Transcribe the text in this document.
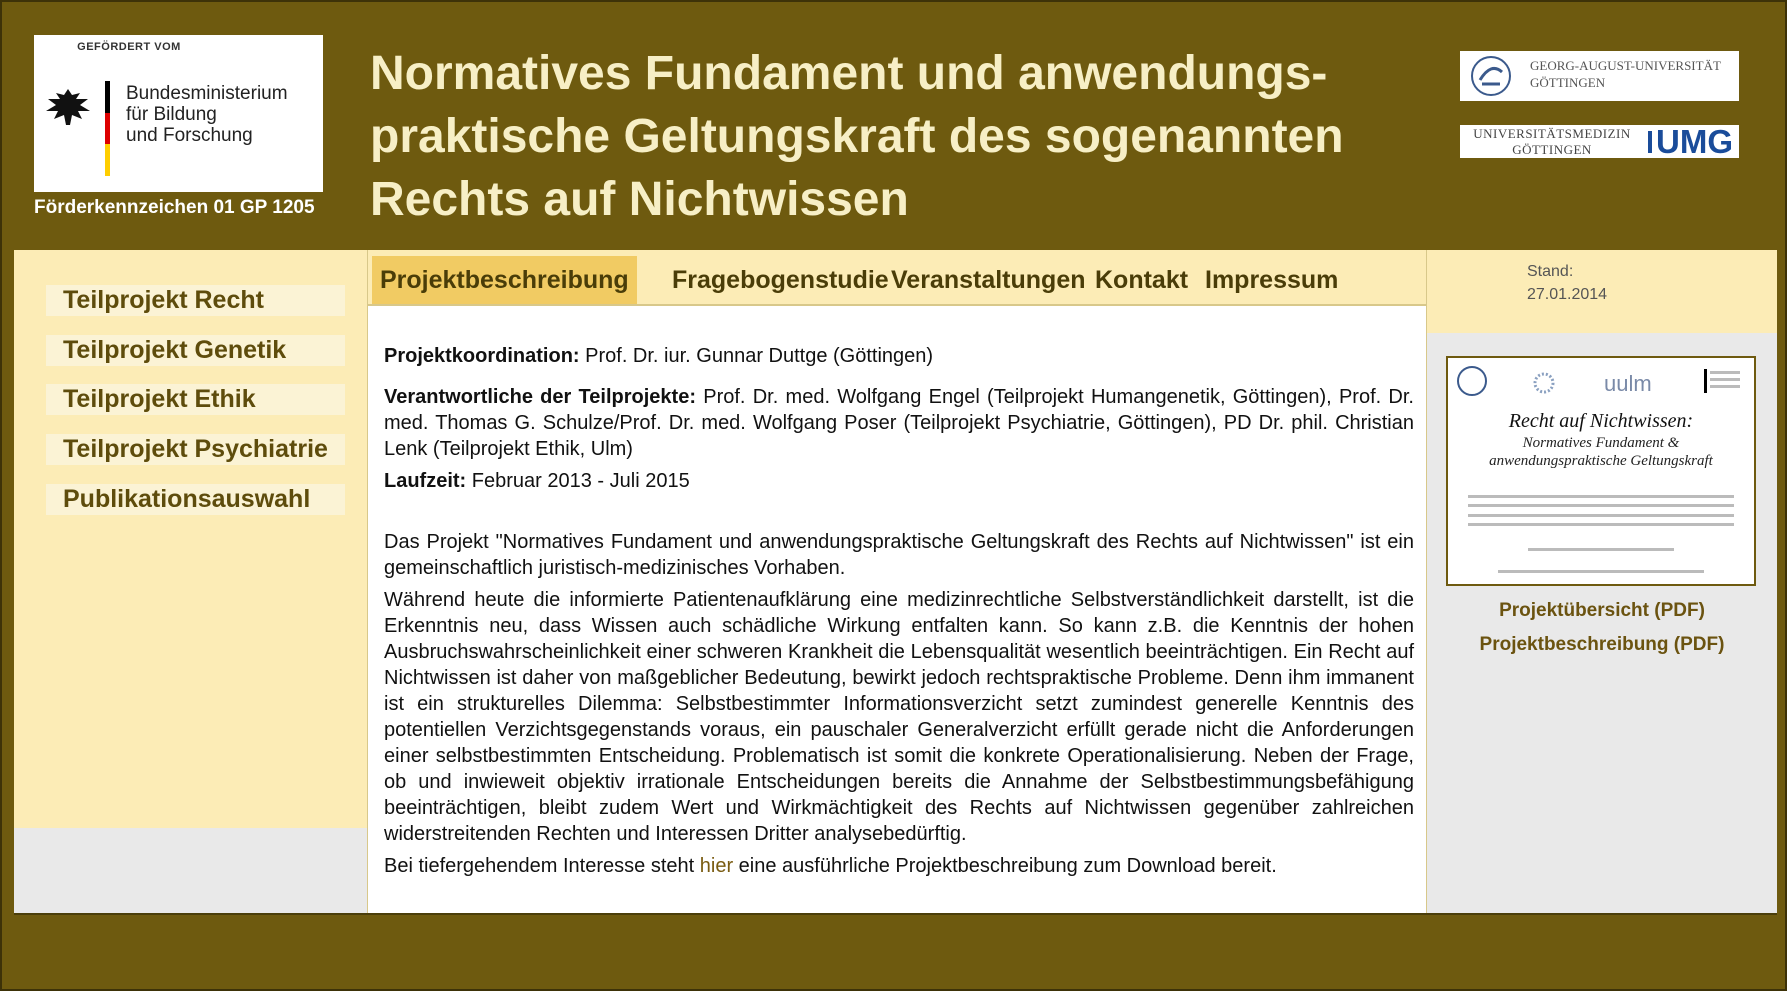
GEFÖRDERT VOM
Bundesministerium
für Bildung
und Forschung
Förderkennzeichen 01 GP 1205
Normatives Fundament und anwendungs-
praktische Geltungskraft des sogenannten
Rechts auf Nichtwissen
GEORG-AUGUST-UNIVERSITÄT
GÖTTINGEN
UNIVERSITÄTSMEDIZIN
GÖTTINGEN	UMG
Teilprojekt Recht
Teilprojekt Genetik
Teilprojekt Ethik
Teilprojekt Psychiatrie
Publikationsauswahl
Projektbeschreibung	Fragebogenstudie Veranstaltungen Kontakt Impressum

Projektkoordination: Prof. Dr. iur. Gunnar Duttge (Göttingen)

Verantwortliche der Teilprojekte: Prof. Dr. med. Wolfgang Engel (Teilprojekt Humangenetik, Göttingen), Prof. Dr. med. Thomas G. Schulze/Prof. Dr. med. Wolfgang Poser (Teilprojekt Psychiatrie, Göttingen), PD Dr. phil. Christian Lenk (Teilprojekt Ethik, Ulm)

Laufzeit: Februar 2013 - Juli 2015

Das Projekt "Normatives Fundament und anwendungspraktische Geltungskraft des Rechts auf Nichtwissen" ist ein gemeinschaftlich juristisch-medizinisches Vorhaben.

Während heute die informierte Patientenaufklärung eine medizinrechtliche Selbstverständlichkeit darstellt, ist die Erkenntnis neu, dass Wissen auch schädliche Wirkung entfalten kann. So kann z.B. die Kenntnis der hohen Ausbruchswahrscheinlichkeit einer schweren Krankheit die Lebensqualität wesentlich beeinträchtigen. Ein Recht auf Nichtwissen ist daher von maßgeblicher Bedeutung, bewirkt jedoch rechtspraktische Probleme. Denn ihm immanent ist ein strukturelles Dilemma: Selbstbestimmter Informationsverzicht setzt zumindest generelle Kenntnis des potentiellen Verzichtsgegenstands voraus, ein pauschaler Generalverzicht erfüllt gerade nicht die Anforderungen einer selbstbestimmten Entscheidung. Problematisch ist somit die konkrete Operationalisierung. Neben der Frage, ob und inwieweit objektiv irrationale Entscheidungen bereits die Annahme der Selbstbestimmungsbefähigung beeinträchtigen, bleibt zudem Wert und Wirkmächtigkeit des Rechts auf Nichtwissen gegenüber zahlreichen widerstreitenden Rechten und Interessen Dritter analysebedürftig.

Bei tiefergehendem Interesse steht hier eine ausführliche Projektbeschreibung zum Download bereit.

Stand:
27.01.2014
uulm
Recht auf Nichtwissen:
Normatives Fundament &
anwendungspraktische Geltungskraft
Projektübersicht (PDF)
Projektbeschreibung (PDF)
